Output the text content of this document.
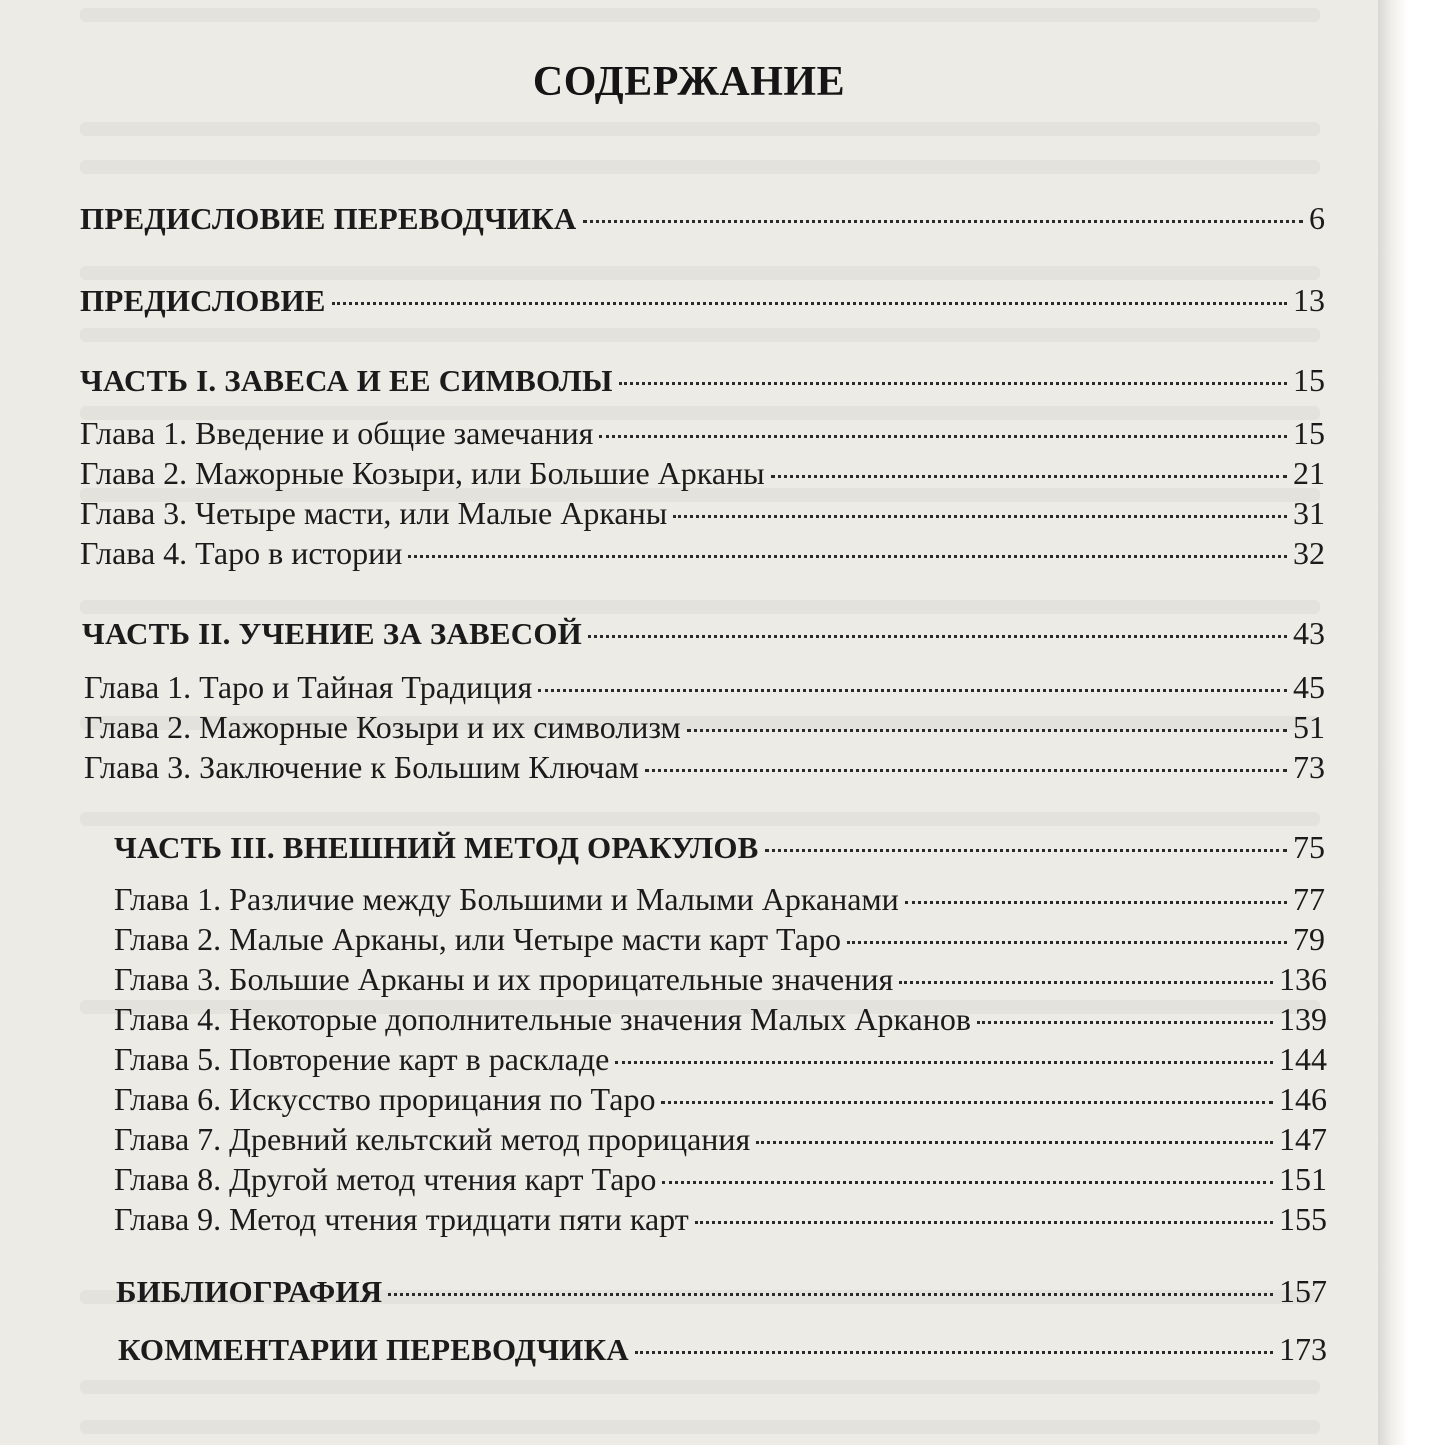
СОДЕРЖАНИЕ
ПРЕДИСЛОВИЕ ПЕРЕВОДЧИКА	6
ПРЕДИСЛОВИЕ	13
ЧАСТЬ I. ЗАВЕСА И ЕЕ СИМВОЛЫ	15
Глава 1. Введение и общие замечания	15
Глава 2. Мажорные Козыри, или Большие Арканы	21
Глава 3. Четыре масти, или Малые Арканы	31
Глава 4. Таро в истории	32
ЧАСТЬ II. УЧЕНИЕ ЗА ЗАВЕСОЙ	43
Глава 1. Таро и Тайная Традиция	45
Глава 2. Мажорные Козыри и их символизм	51
Глава 3. Заключение к Большим Ключам	73
ЧАСТЬ III. ВНЕШНИЙ МЕТОД ОРАКУЛОВ	75
Глава 1. Различие между Большими и Малыми Арканами	77
Глава 2. Малые Арканы, или Четыре масти карт Таро	79
Глава 3. Большие Арканы и их прорицательные значения	136
Глава 4. Некоторые дополнительные значения Малых Арканов	139
Глава 5. Повторение карт в раскладе	144
Глава 6. Искусство прорицания по Таро	146
Глава 7. Древний кельтский метод прорицания	147
Глава 8. Другой метод чтения карт Таро	151
Глава 9. Метод чтения тридцати пяти карт	155
БИБЛИОГРАФИЯ	157
КОММЕНТАРИИ ПЕРЕВОДЧИКА	173
